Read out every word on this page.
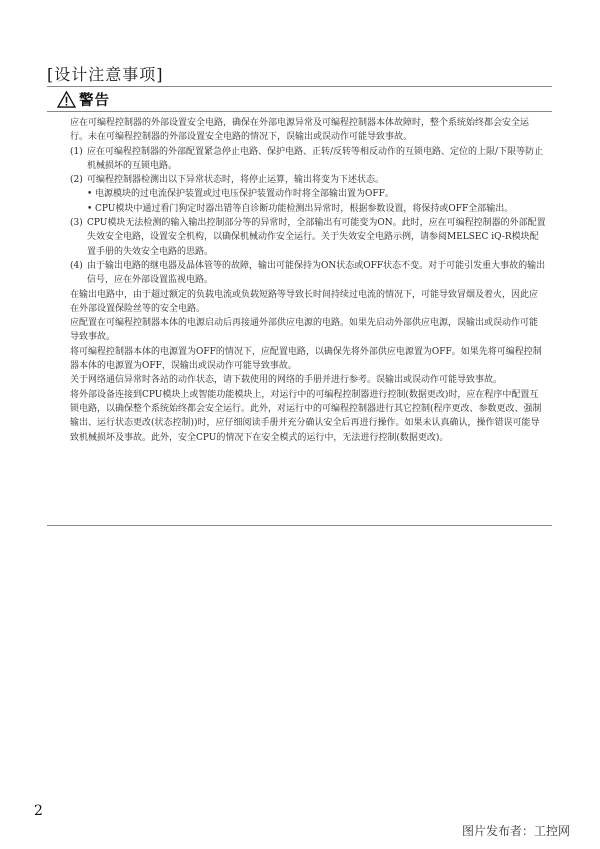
[设计注意事项]
警告

应在可编程控制器的外部设置安全电路，确保在外部电源异常及可编程控制器本体故障时，整个系统始终都会安全运行。未在可编程控制器的外部设置安全电路的情况下，误输出或误动作可能导致事故。

(1) 应在可编程控制器的外部配置紧急停止电路、保护电路、正转/反转等相反动作的互锁电路、定位的上限/下限等防止机械损坏的互锁电路。
(2) 可编程控制器检测出以下异常状态时，将停止运算，输出将变为下述状态。
• 电源模块的过电流保护装置或过电压保护装置动作时将全部输出置为OFF。
• CPU模块中通过看门狗定时器出错等自诊断功能检测出异常时，根据参数设置，将保持或OFF全部输出。
(3) CPU模块无法检测的输入输出控制部分等的异常时，全部输出有可能变为ON。此时，应在可编程控制器的外部配置失效安全电路，设置安全机构，以确保机械动作安全运行。关于失效安全电路示例，请参阅MELSEC iQ-R模块配置手册的失效安全电路的思路。
(4) 由于输出电路的继电器及晶体管等的故障，输出可能保持为ON状态或OFF状态不变。对于可能引发重大事故的输出信号，应在外部设置监视电路。

在输出电路中，由于超过额定的负载电流或负载短路等导致长时间持续过电流的情况下，可能导致冒烟及着火，因此应在外部设置保险丝等的安全电路。

应配置在可编程控制器本体的电源启动后再接通外部供应电源的电路。如果先启动外部供应电源，误输出或误动作可能导致事故。

将可编程控制器本体的电源置为OFF的情况下，应配置电路，以确保先将外部供应电源置为OFF。如果先将可编程控制器本体的电源置为OFF，误输出或误动作可能导致事故。

关于网络通信异常时各站的动作状态，请下载使用的网络的手册并进行参考。误输出或误动作可能导致事故。

将外部设备连接到CPU模块上或智能功能模块上，对运行中的可编程控制器进行控制(数据更改)时，应在程序中配置互锁电路，以确保整个系统始终都会安全运行。此外，对运行中的可编程控制器进行其它控制(程序更改、参数更改、强制输出、运行状态更改(状态控制))时，应仔细阅读手册并充分确认安全后再进行操作。如果未认真确认，操作错误可能导致机械损坏及事故。此外，安全CPU的情况下在安全模式的运行中，无法进行控制(数据更改)。

2
图片发布者：工控网
